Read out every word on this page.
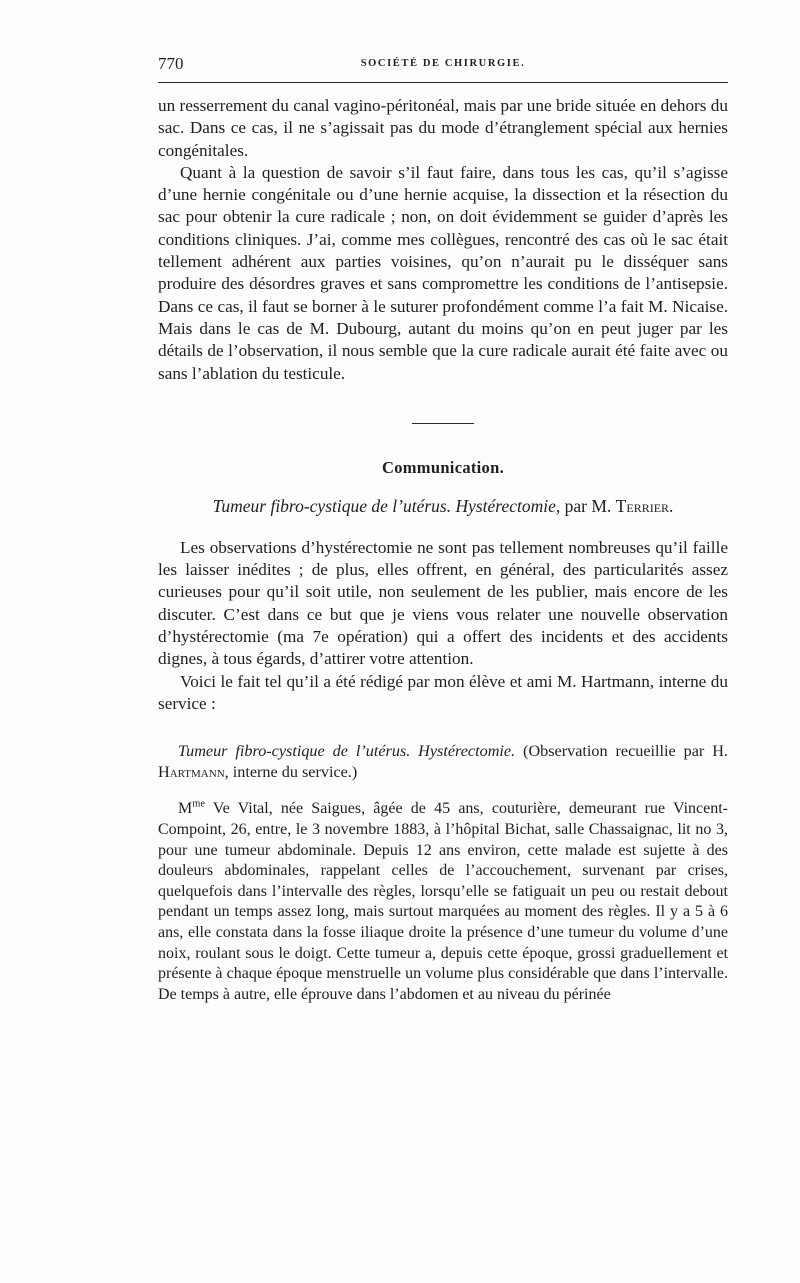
770	SOCIÉTÉ DE CHIRURGIE.

un resserrement du canal vagino-péritonéal, mais par une bride située en dehors du sac. Dans ce cas, il ne s’agissait pas du mode d’étranglement spécial aux hernies congénitales.

Quant à la question de savoir s’il faut faire, dans tous les cas, qu’il s’agisse d’une hernie congénitale ou d’une hernie acquise, la dissection et la résection du sac pour obtenir la cure radicale ; non, on doit évidemment se guider d’après les conditions cliniques. J’ai, comme mes collègues, rencontré des cas où le sac était tellement adhérent aux parties voisines, qu’on n’aurait pu le disséquer sans produire des désordres graves et sans compromettre les conditions de l’antisepsie. Dans ce cas, il faut se borner à le suturer profondément comme l’a fait M. Nicaise. Mais dans le cas de M. Dubourg, autant du moins qu’on en peut juger par les détails de l’observation, il nous semble que la cure radicale aurait été faite avec ou sans l’ablation du testicule.

Communication.
Tumeur fibro-cystique de l’utérus. Hystérectomie, par M. Terrier.

Les observations d’hystérectomie ne sont pas tellement nombreuses qu’il faille les laisser inédites ; de plus, elles offrent, en général, des particularités assez curieuses pour qu’il soit utile, non seulement de les publier, mais encore de les discuter. C’est dans ce but que je viens vous relater une nouvelle observation d’hystérectomie (ma 7e opération) qui a offert des incidents et des accidents dignes, à tous égards, d’attirer votre attention.

Voici le fait tel qu’il a été rédigé par mon élève et ami M. Hartmann, interne du service :

Tumeur fibro-cystique de l’utérus. Hystérectomie. (Observation recueillie par H. Hartmann, interne du service.)

$M^{me}$ Ve Vital, née Saigues, âgée de 45 ans, couturière, demeurant rue Vincent-Compoint, 26, entre, le 3 novembre 1883, à l’hôpital Bichat, salle Chassaignac, lit no 3, pour une tumeur abdominale. Depuis 12 ans environ, cette malade est sujette à des douleurs abdominales, rappelant celles de l’accouchement, survenant par crises, quelquefois dans l’intervalle des règles, lorsqu’elle se fatiguait un peu ou restait debout pendant un temps assez long, mais surtout marquées au moment des règles. Il y a 5 à 6 ans, elle constata dans la fosse iliaque droite la présence d’une tumeur du volume d’une noix, roulant sous le doigt. Cette tumeur a, depuis cette époque, grossi graduellement et présente à chaque époque menstruelle un volume plus considérable que dans l’intervalle. De temps à autre, elle éprouve dans l’abdomen et au niveau du périnée
